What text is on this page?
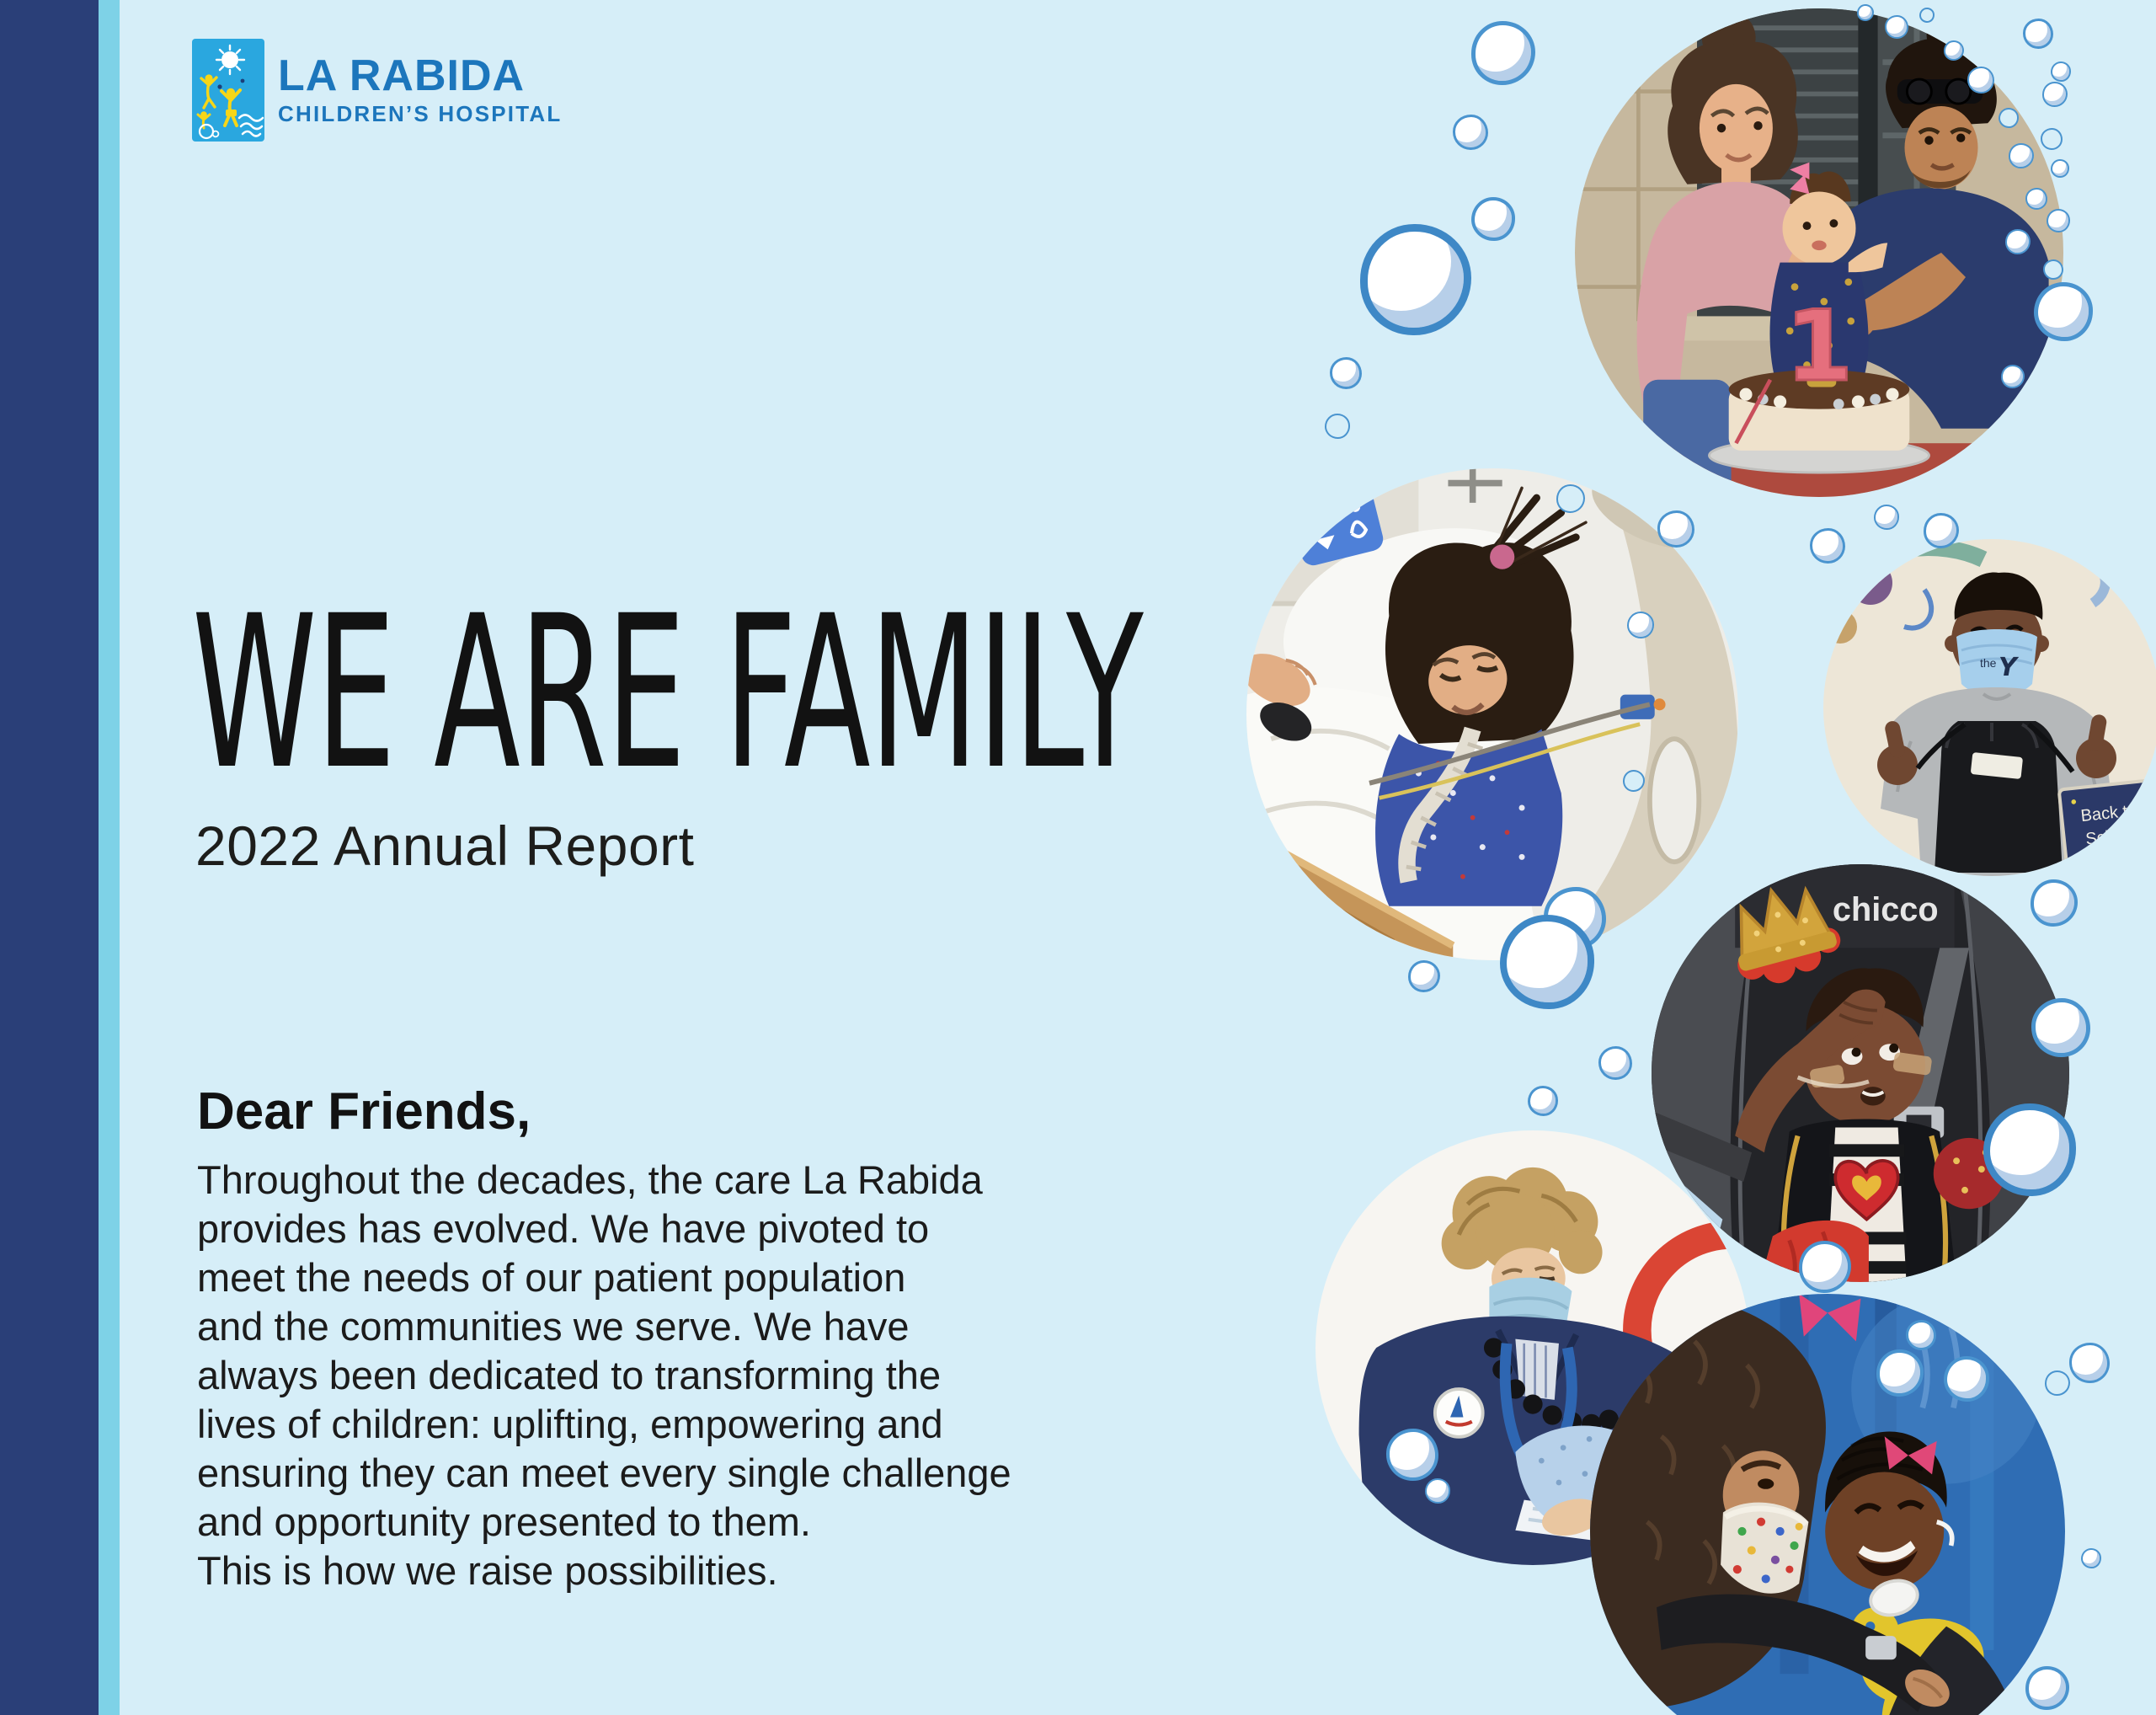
LA RABIDA
CHILDREN’S HOSPITAL
WE ARE FAMILY
2022 Annual Report
Dear Friends,
Throughout the decades, the care La Rabida
provides has evolved. We have pivoted to
meet the needs of our patient population
and the communities we serve. We have
always been dedicated to transforming the
lives of children: uplifting, empowering and
ensuring they can meet every single challenge
and opportunity presented to them.
This is how we raise possibilities.
1
the Y
Back to
School
chicco
